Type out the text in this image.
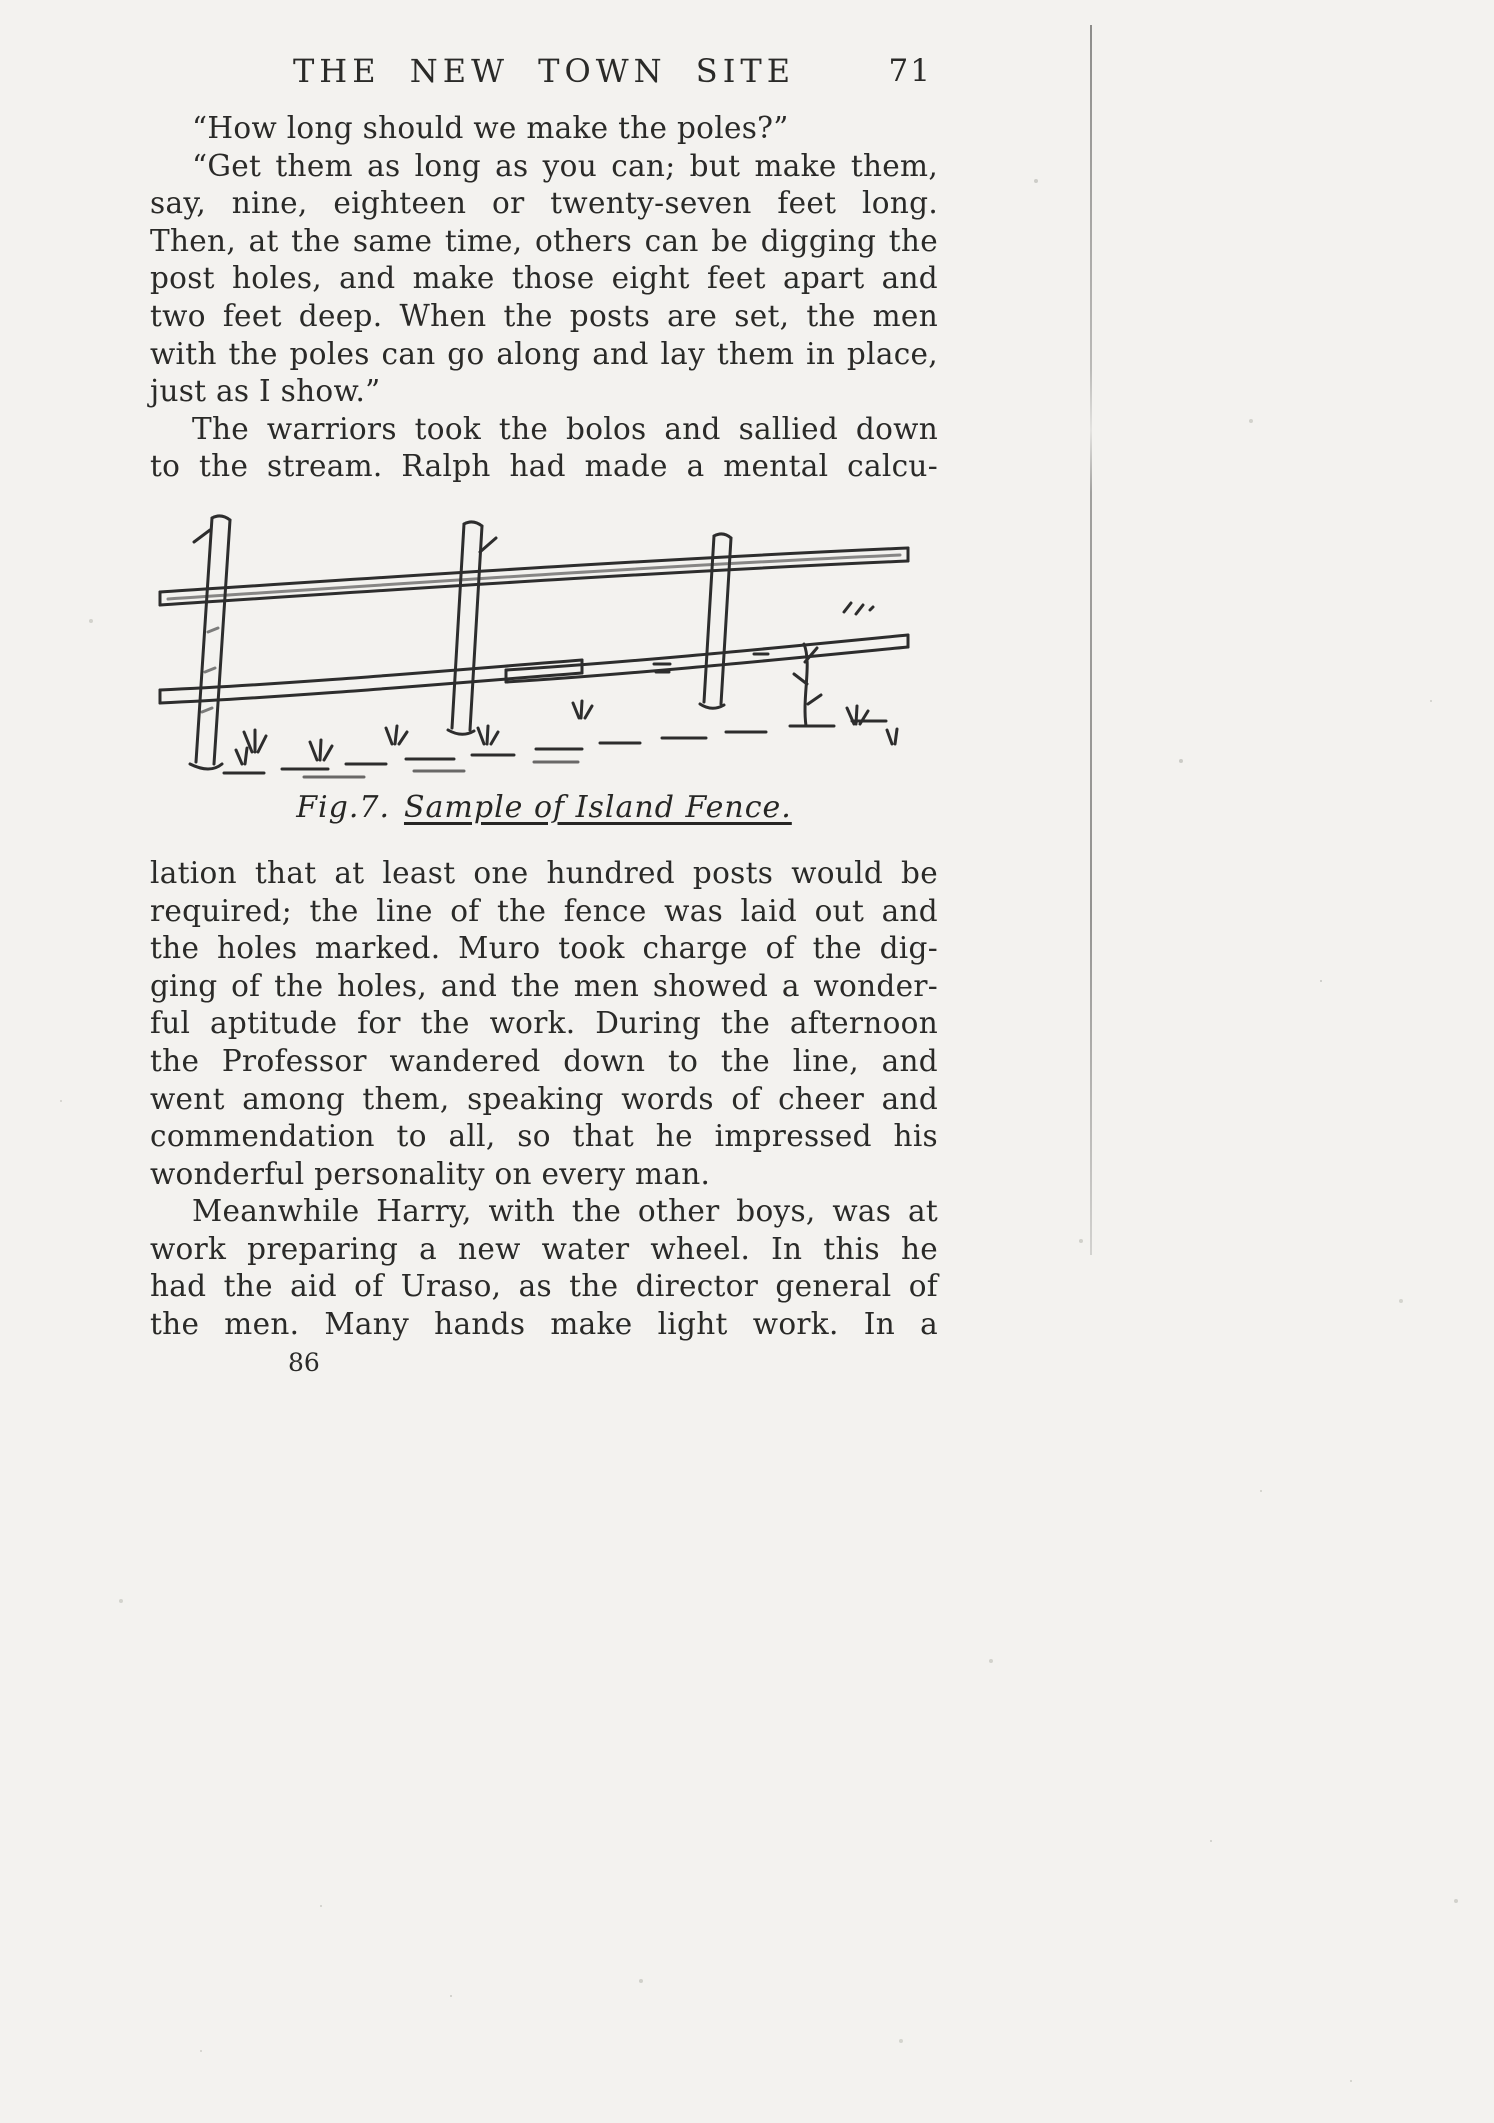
THE NEW TOWN SITE	71
“How long should we make the poles?”
“Get them as long as you can; but make them,
say, nine, eighteen or twenty-seven feet long.
Then, at the same time, others can be digging the
post holes, and make those eight feet apart and
two feet deep. When the posts are set, the men
with the poles can go along and lay them in place,
just as I show.”
The warriors took the bolos and sallied down
to the stream. Ralph had made a mental calcu-
Fig.7. Sample of Island Fence.
lation that at least one hundred posts would be
required; the line of the fence was laid out and
the holes marked. Muro took charge of the dig-
ging of the holes, and the men showed a wonder-
ful aptitude for the work. During the afternoon
the Professor wandered down to the line, and
went among them, speaking words of cheer and
commendation to all, so that he impressed his
wonderful personality on every man.
Meanwhile Harry, with the other boys, was at
work preparing a new water wheel. In this he
had the aid of Uraso, as the director general of
the men. Many hands make light work. In a
86
